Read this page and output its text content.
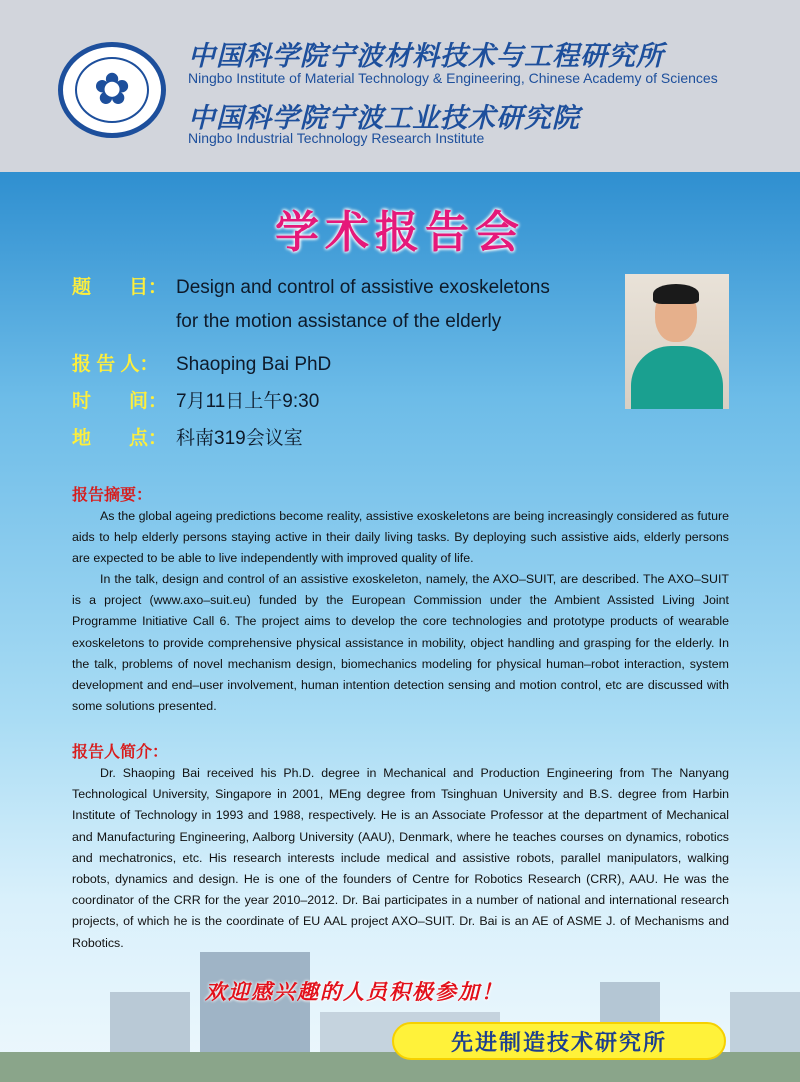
✿
中国科学院宁波材料技术与工程研究所
Ningbo Institute of Material Technology & Engineering, Chinese Academy of Sciences
中国科学院宁波工业技术研究院
Ningbo Industrial Technology Research Institute
学术报告会
题　　目： Design and control of assistive exoskeletons
for the motion assistance of the elderly
报 告 人： Shaoping Bai PhD
时　　间： 7月11日上午9:30
地　　点： 科南319会议室
报告摘要：
As the global ageing predictions become reality, assistive exoskeletons are being increasingly considered as future aids to help elderly persons staying active in their daily living tasks. By deploying such assistive aids, elderly persons are expected to be able to live independently with improved quality of life.
In the talk, design and control of an assistive exoskeleton, namely, the AXO–SUIT, are described. The AXO–SUIT is a project (www.axo–suit.eu) funded by the European Commission under the Ambient Assisted Living Joint Programme Initiative Call 6. The project aims to develop the core technologies and prototype products of wearable exoskeletons to provide comprehensive physical assistance in mobility, object handling and grasping for the elderly. In the talk, problems of novel mechanism design, biomechanics modeling for physical human–robot interaction, system development and end–user involvement, human intention detection sensing and motion control, etc are discussed with some solutions presented.
报告人简介：
Dr. Shaoping Bai received his Ph.D. degree in Mechanical and Production Engineering from The Nanyang Technological University, Singapore in 2001, MEng degree from Tsinghuan University and B.S. degree from Harbin Institute of Technology in 1993 and 1988, respectively. He is an Associate Professor at the department of Mechanical and Manufacturing Engineering, Aalborg University (AAU), Denmark, where he teaches courses on dynamics, robotics and mechatronics, etc. His research interests include medical and assistive robots, parallel manipulators, walking robots, dynamics and design. He is one of the founders of Centre for Robotics Research (CRR), AAU. He was the coordinator of the CRR for the year 2010–2012. Dr. Bai participates in a number of national and international research projects, of which he is the coordinate of EU AAL project AXO–SUIT. Dr. Bai is an AE of ASME J. of Mechanisms and Robotics.
欢迎感兴趣的人员积极参加！
先进制造技术研究所
